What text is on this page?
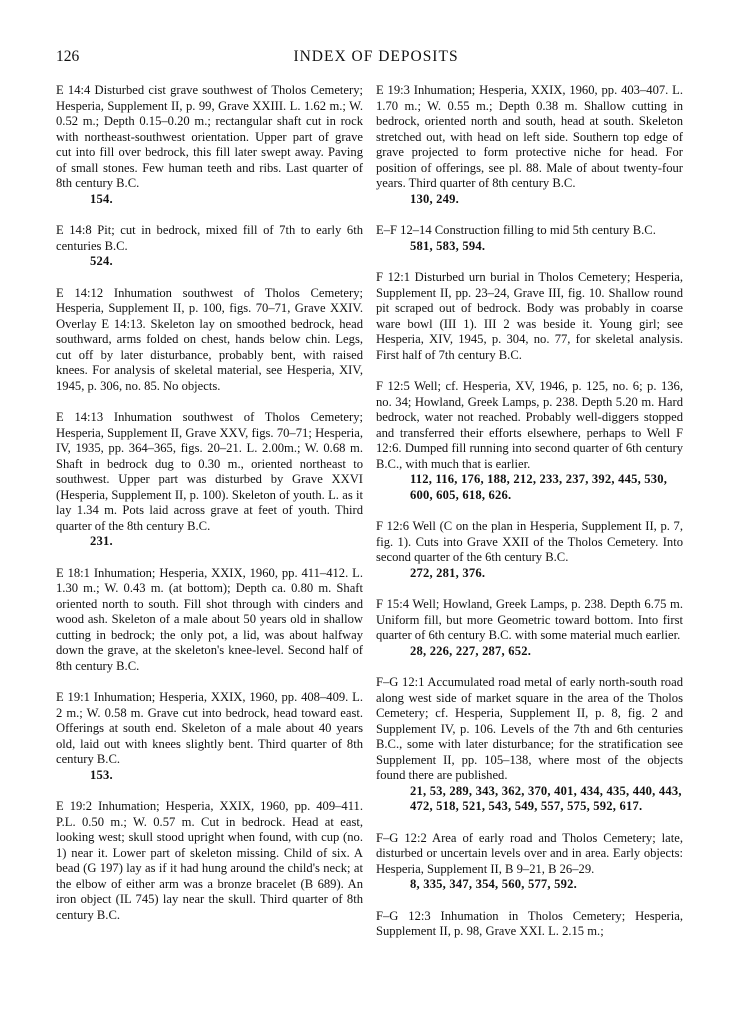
126	INDEX OF DEPOSITS

E 14:4 Disturbed cist grave southwest of Tholos Cemetery; Hesperia, Supplement II, p. 99, Grave XXIII. L. 1.62 m.; W. 0.52 m.; Depth 0.15–0.20 m.; rectangular shaft cut in rock with northeast-southwest orientation. Upper part of grave cut into fill over bedrock, this fill later swept away. Paving of small stones. Few human teeth and ribs. Last quarter of 8th century B.C.

154.

E 14:8 Pit; cut in bedrock, mixed fill of 7th to early 6th centuries B.C.

524.

E 14:12 Inhumation southwest of Tholos Cemetery; Hesperia, Supplement II, p. 100, figs. 70–71, Grave XXIV. Overlay E 14:13. Skeleton lay on smoothed bedrock, head southward, arms folded on chest, hands below chin. Legs, cut off by later disturbance, probably bent, with raised knees. For analysis of skeletal material, see Hesperia, XIV, 1945, p. 306, no. 85. No objects.

E 14:13 Inhumation southwest of Tholos Cemetery; Hesperia, Supplement II, Grave XXV, figs. 70–71; Hesperia, IV, 1935, pp. 364–365, figs. 20–21. L. 2.00m.; W. 0.68 m. Shaft in bedrock dug to 0.30 m., oriented northeast to southwest. Upper part was disturbed by Grave XXVI (Hesperia, Supplement II, p. 100). Skeleton of youth. L. as it lay 1.34 m. Pots laid across grave at feet of youth. Third quarter of the 8th century B.C.

231.

E 18:1 Inhumation; Hesperia, XXIX, 1960, pp. 411–412. L. 1.30 m.; W. 0.43 m. (at bottom); Depth ca. 0.80 m. Shaft oriented north to south. Fill shot through with cinders and wood ash. Skeleton of a male about 50 years old in shallow cutting in bedrock; the only pot, a lid, was about halfway down the grave, at the skeleton's knee-level. Second half of 8th century B.C.

E 19:1 Inhumation; Hesperia, XXIX, 1960, pp. 408–409. L. 2 m.; W. 0.58 m. Grave cut into bedrock, head toward east. Offerings at south end. Skeleton of a male about 40 years old, laid out with knees slightly bent. Third quarter of 8th century B.C.

153.

E 19:2 Inhumation; Hesperia, XXIX, 1960, pp. 409–411. P.L. 0.50 m.; W. 0.57 m. Cut in bedrock. Head at east, looking west; skull stood upright when found, with cup (no. 1) near it. Lower part of skeleton missing. Child of six. A bead (G 197) lay as if it had hung around the child's neck; at the elbow of either arm was a bronze bracelet (B 689). An iron object (IL 745) lay near the skull. Third quarter of 8th century B.C.

E 19:3 Inhumation; Hesperia, XXIX, 1960, pp. 403–407. L. 1.70 m.; W. 0.55 m.; Depth 0.38 m. Shallow cutting in bedrock, oriented north and south, head at south. Skeleton stretched out, with head on left side. Southern top edge of grave projected to form protective niche for head. For position of offerings, see pl. 88. Male of about twenty-four years. Third quarter of 8th century B.C.

130, 249.

E–F 12–14 Construction filling to mid 5th century B.C.

581, 583, 594.

F 12:1 Disturbed urn burial in Tholos Cemetery; Hesperia, Supplement II, pp. 23–24, Grave III, fig. 10. Shallow round pit scraped out of bedrock. Body was probably in coarse ware bowl (III 1). III 2 was beside it. Young girl; see Hesperia, XIV, 1945, p. 304, no. 77, for skeletal analysis. First half of 7th century B.C.

F 12:5 Well; cf. Hesperia, XV, 1946, p. 125, no. 6; p. 136, no. 34; Howland, Greek Lamps, p. 238. Depth 5.20 m. Hard bedrock, water not reached. Probably well-diggers stopped and transferred their efforts elsewhere, perhaps to Well F 12:6. Dumped fill running into second quarter of 6th century B.C., with much that is earlier.

112, 116, 176, 188, 212, 233, 237, 392, 445, 530, 600, 605, 618, 626.

F 12:6 Well (C on the plan in Hesperia, Supplement II, p. 7, fig. 1). Cuts into Grave XXII of the Tholos Cemetery. Into second quarter of the 6th century B.C.

272, 281, 376.

F 15:4 Well; Howland, Greek Lamps, p. 238. Depth 6.75 m. Uniform fill, but more Geometric toward bottom. Into first quarter of 6th century B.C. with some material much earlier.

28, 226, 227, 287, 652.

F–G 12:1 Accumulated road metal of early north-south road along west side of market square in the area of the Tholos Cemetery; cf. Hesperia, Supplement II, p. 8, fig. 2 and Supplement IV, p. 106. Levels of the 7th and 6th centuries B.C., some with later disturbance; for the stratification see Supplement II, pp. 105–138, where most of the objects found there are published.

21, 53, 289, 343, 362, 370, 401, 434, 435, 440, 443, 472, 518, 521, 543, 549, 557, 575, 592, 617.

F–G 12:2 Area of early road and Tholos Cemetery; late, disturbed or uncertain levels over and in area. Early objects: Hesperia, Supplement II, B 9–21, B 26–29.

8, 335, 347, 354, 560, 577, 592.

F–G 12:3 Inhumation in Tholos Cemetery; Hesperia, Supplement II, p. 98, Grave XXI. L. 2.15 m.;
